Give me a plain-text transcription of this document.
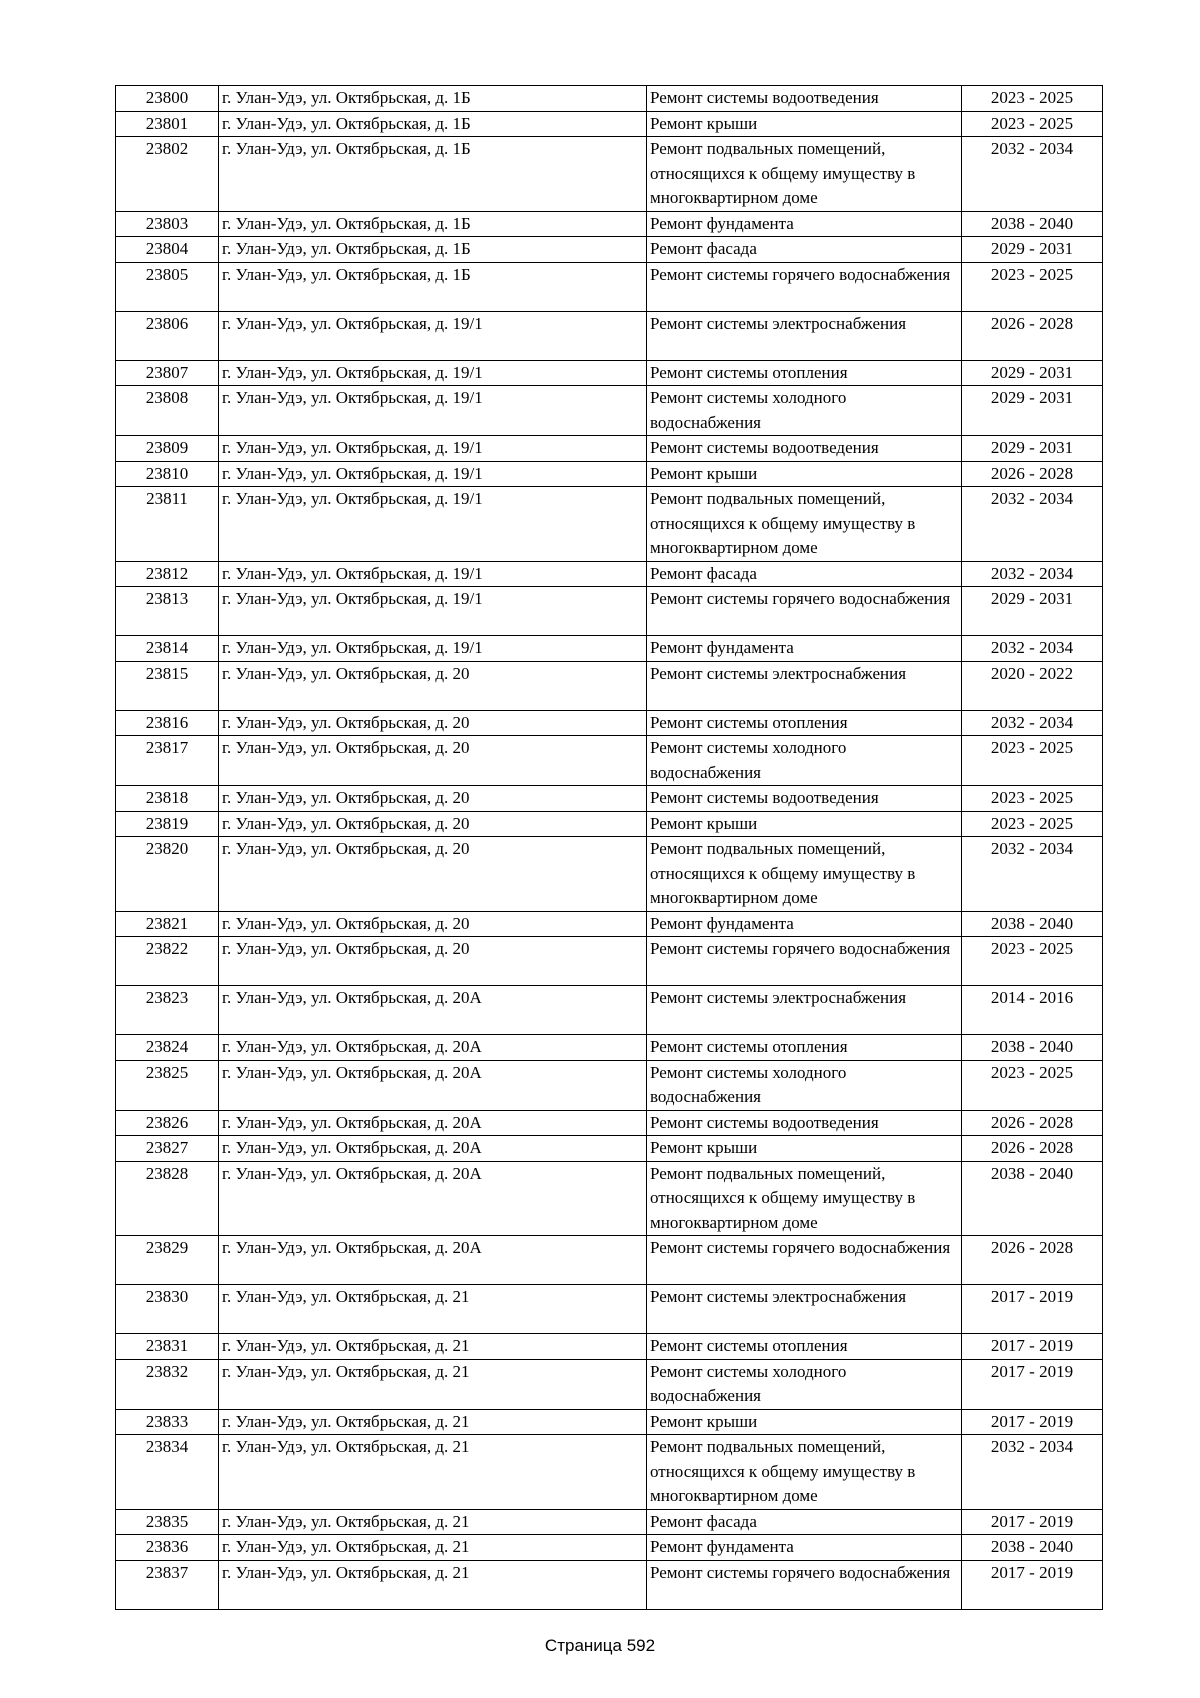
23800	г. Улан-Удэ, ул. Октябрьская, д. 1Б	Ремонт системы водоотведения	2023 - 2025
23801	г. Улан-Удэ, ул. Октябрьская, д. 1Б	Ремонт крыши	2023 - 2025
23802	г. Улан-Удэ, ул. Октябрьская, д. 1Б	Ремонт подвальных помещений, относящихся к общему имуществу в многоквартирном доме	2032 - 2034
23803	г. Улан-Удэ, ул. Октябрьская, д. 1Б	Ремонт фундамента	2038 - 2040
23804	г. Улан-Удэ, ул. Октябрьская, д. 1Б	Ремонт фасада	2029 - 2031
23805	г. Улан-Удэ, ул. Октябрьская, д. 1Б	Ремонт системы горячего водоснабжения	2023 - 2025
23806	г. Улан-Удэ, ул. Октябрьская, д. 19/1	Ремонт системы электроснабжения	2026 - 2028
23807	г. Улан-Удэ, ул. Октябрьская, д. 19/1	Ремонт системы отопления	2029 - 2031
23808	г. Улан-Удэ, ул. Октябрьская, д. 19/1	Ремонт системы холодного водоснабжения	2029 - 2031
23809	г. Улан-Удэ, ул. Октябрьская, д. 19/1	Ремонт системы водоотведения	2029 - 2031
23810	г. Улан-Удэ, ул. Октябрьская, д. 19/1	Ремонт крыши	2026 - 2028
23811	г. Улан-Удэ, ул. Октябрьская, д. 19/1	Ремонт подвальных помещений, относящихся к общему имуществу в многоквартирном доме	2032 - 2034
23812	г. Улан-Удэ, ул. Октябрьская, д. 19/1	Ремонт фасада	2032 - 2034
23813	г. Улан-Удэ, ул. Октябрьская, д. 19/1	Ремонт системы горячего водоснабжения	2029 - 2031
23814	г. Улан-Удэ, ул. Октябрьская, д. 19/1	Ремонт фундамента	2032 - 2034
23815	г. Улан-Удэ, ул. Октябрьская, д. 20	Ремонт системы электроснабжения	2020 - 2022
23816	г. Улан-Удэ, ул. Октябрьская, д. 20	Ремонт системы отопления	2032 - 2034
23817	г. Улан-Удэ, ул. Октябрьская, д. 20	Ремонт системы холодного водоснабжения	2023 - 2025
23818	г. Улан-Удэ, ул. Октябрьская, д. 20	Ремонт системы водоотведения	2023 - 2025
23819	г. Улан-Удэ, ул. Октябрьская, д. 20	Ремонт крыши	2023 - 2025
23820	г. Улан-Удэ, ул. Октябрьская, д. 20	Ремонт подвальных помещений, относящихся к общему имуществу в многоквартирном доме	2032 - 2034
23821	г. Улан-Удэ, ул. Октябрьская, д. 20	Ремонт фундамента	2038 - 2040
23822	г. Улан-Удэ, ул. Октябрьская, д. 20	Ремонт системы горячего водоснабжения	2023 - 2025
23823	г. Улан-Удэ, ул. Октябрьская, д. 20А	Ремонт системы электроснабжения	2014 - 2016
23824	г. Улан-Удэ, ул. Октябрьская, д. 20А	Ремонт системы отопления	2038 - 2040
23825	г. Улан-Удэ, ул. Октябрьская, д. 20А	Ремонт системы холодного водоснабжения	2023 - 2025
23826	г. Улан-Удэ, ул. Октябрьская, д. 20А	Ремонт системы водоотведения	2026 - 2028
23827	г. Улан-Удэ, ул. Октябрьская, д. 20А	Ремонт крыши	2026 - 2028
23828	г. Улан-Удэ, ул. Октябрьская, д. 20А	Ремонт подвальных помещений, относящихся к общему имуществу в многоквартирном доме	2038 - 2040
23829	г. Улан-Удэ, ул. Октябрьская, д. 20А	Ремонт системы горячего водоснабжения	2026 - 2028
23830	г. Улан-Удэ, ул. Октябрьская, д. 21	Ремонт системы электроснабжения	2017 - 2019
23831	г. Улан-Удэ, ул. Октябрьская, д. 21	Ремонт системы отопления	2017 - 2019
23832	г. Улан-Удэ, ул. Октябрьская, д. 21	Ремонт системы холодного водоснабжения	2017 - 2019
23833	г. Улан-Удэ, ул. Октябрьская, д. 21	Ремонт крыши	2017 - 2019
23834	г. Улан-Удэ, ул. Октябрьская, д. 21	Ремонт подвальных помещений, относящихся к общему имуществу в многоквартирном доме	2032 - 2034
23835	г. Улан-Удэ, ул. Октябрьская, д. 21	Ремонт фасада	2017 - 2019
23836	г. Улан-Удэ, ул. Октябрьская, д. 21	Ремонт фундамента	2038 - 2040
23837	г. Улан-Удэ, ул. Октябрьская, д. 21	Ремонт системы горячего водоснабжения	2017 - 2019
Страница 592
